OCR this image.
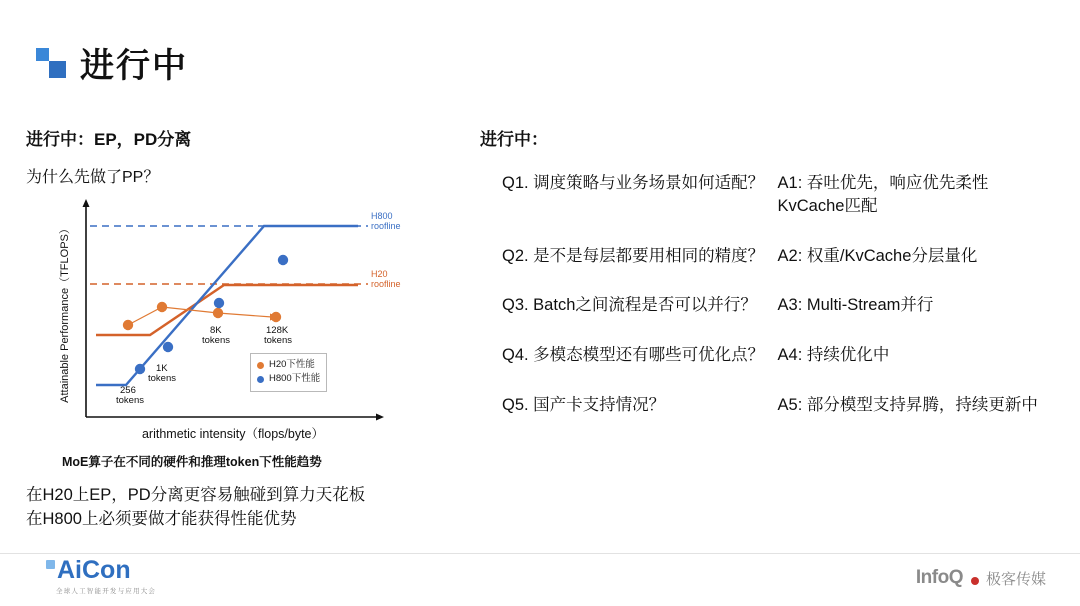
进行中
进行中：EP，PD分离
为什么先做了PP？
H800
roofline
H20
roofline
256
tokens
1K
tokens
8K
tokens
128K
tokens
Attainable Performance（TFLOPS）
arithmetic intensity（flops/byte）
H20下性能
H800下性能
MoE算子在不同的硬件和推理token下性能趋势
在H20上EP，PD分离更容易触碰到算力天花板
在H800上必须要做才能获得性能优势
进行中：
Q1. 调度策略与业务场景如何适配？	A1: 吞吐优先，响应优先柔性KvCache匹配
Q2. 是不是每层都要用相同的精度？	A2: 权重/KvCache分层量化
Q3. Batch之间流程是否可以并行？	A3: Multi-Stream并行
Q4. 多模态模型还有哪些可优化点？	A4: 持续优化中
Q5. 国产卡支持情况？	A5: 部分模型支持昇腾，持续更新中
AiCon
全球人工智能开发与应用大会
InfoQ 极客传媒
